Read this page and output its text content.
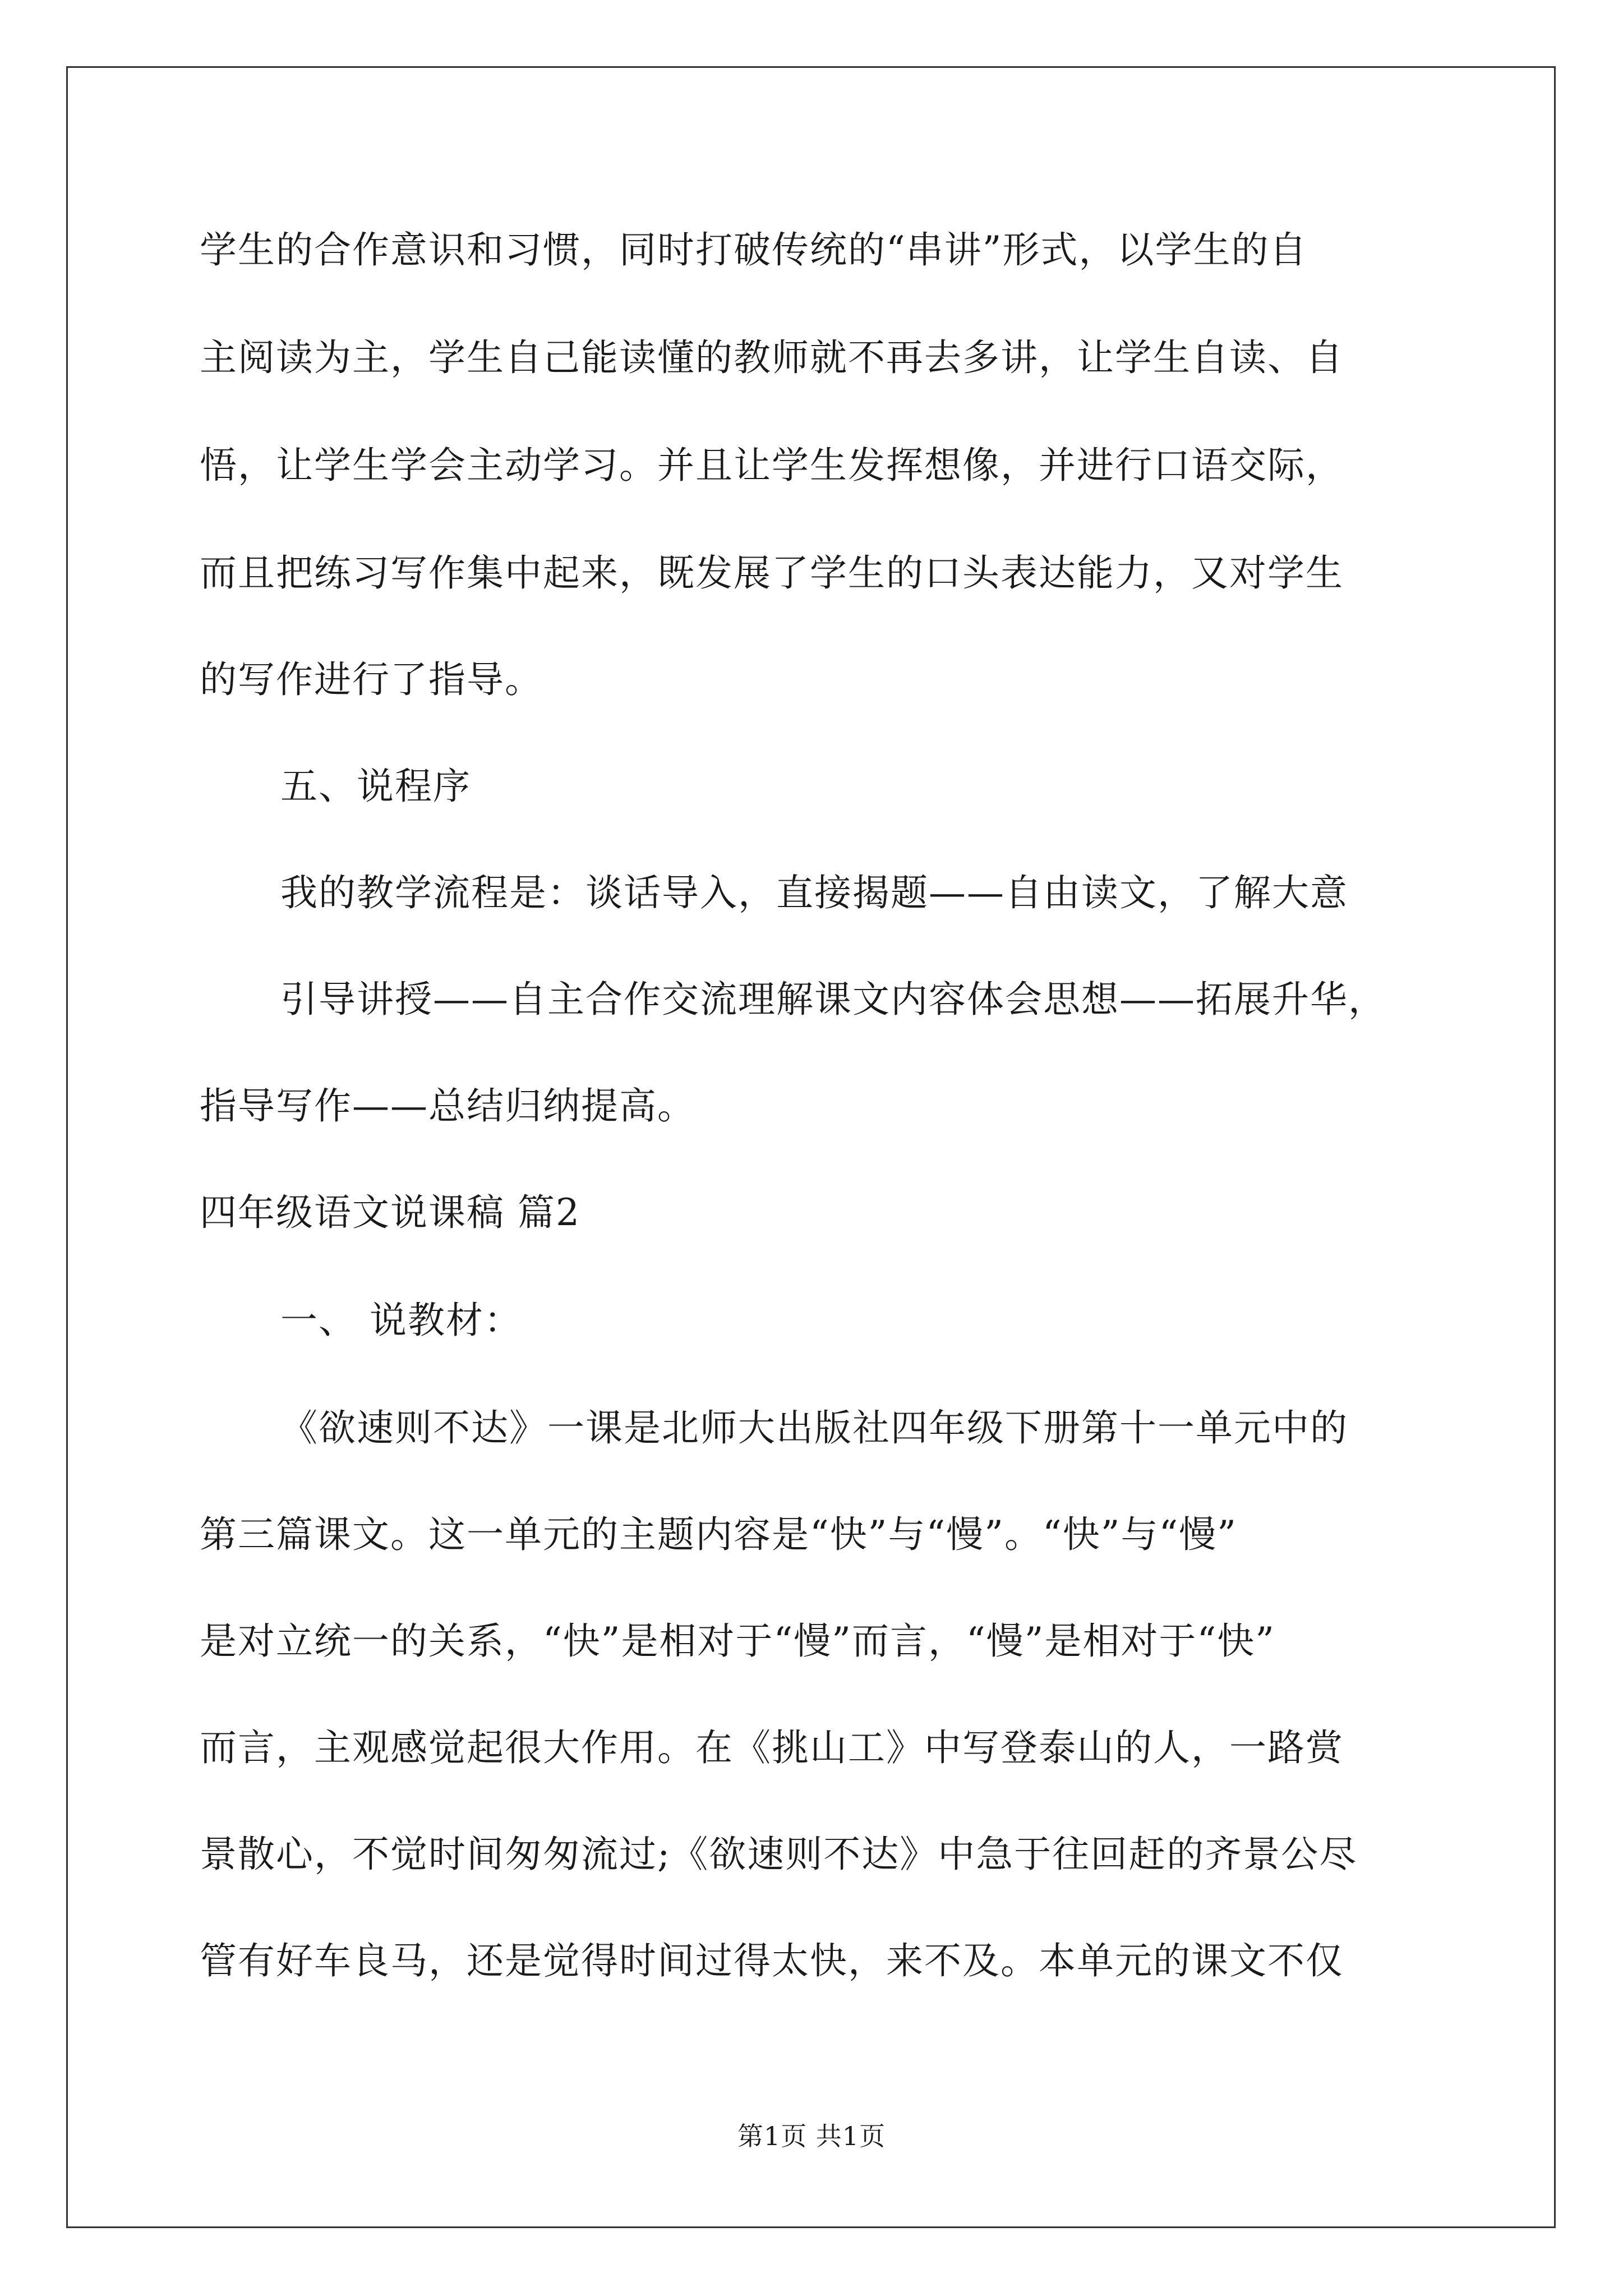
学生的合作意识和习惯，同时打破传统的“串讲”形式，以学生的自
主阅读为主，学生自己能读懂的教师就不再去多讲，让学生自读、自
悟，让学生学会主动学习。并且让学生发挥想像，并进行口语交际，
而且把练习写作集中起来，既发展了学生的口头表达能力，又对学生
的写作进行了指导。
五、说程序
我的教学流程是：谈话导入，直接揭题——自由读文，了解大意
引导讲授——自主合作交流理解课文内容体会思想——拓展升华，
指导写作——总结归纳提高。
四年级语文说课稿 篇2
一、 说教材：
《欲速则不达》一课是北师大出版社四年级下册第十一单元中的
第三篇课文。这一单元的主题内容是“快”与“慢”。“快”与“慢”
是对立统一的关系，“快”是相对于“慢”而言，“慢”是相对于“快”
而言，主观感觉起很大作用。在《挑山工》中写登泰山的人，一路赏
景散心，不觉时间匆匆流过;《欲速则不达》中急于往回赶的齐景公尽
管有好车良马，还是觉得时间过得太快，来不及。本单元的课文不仅
第1页 共1页
